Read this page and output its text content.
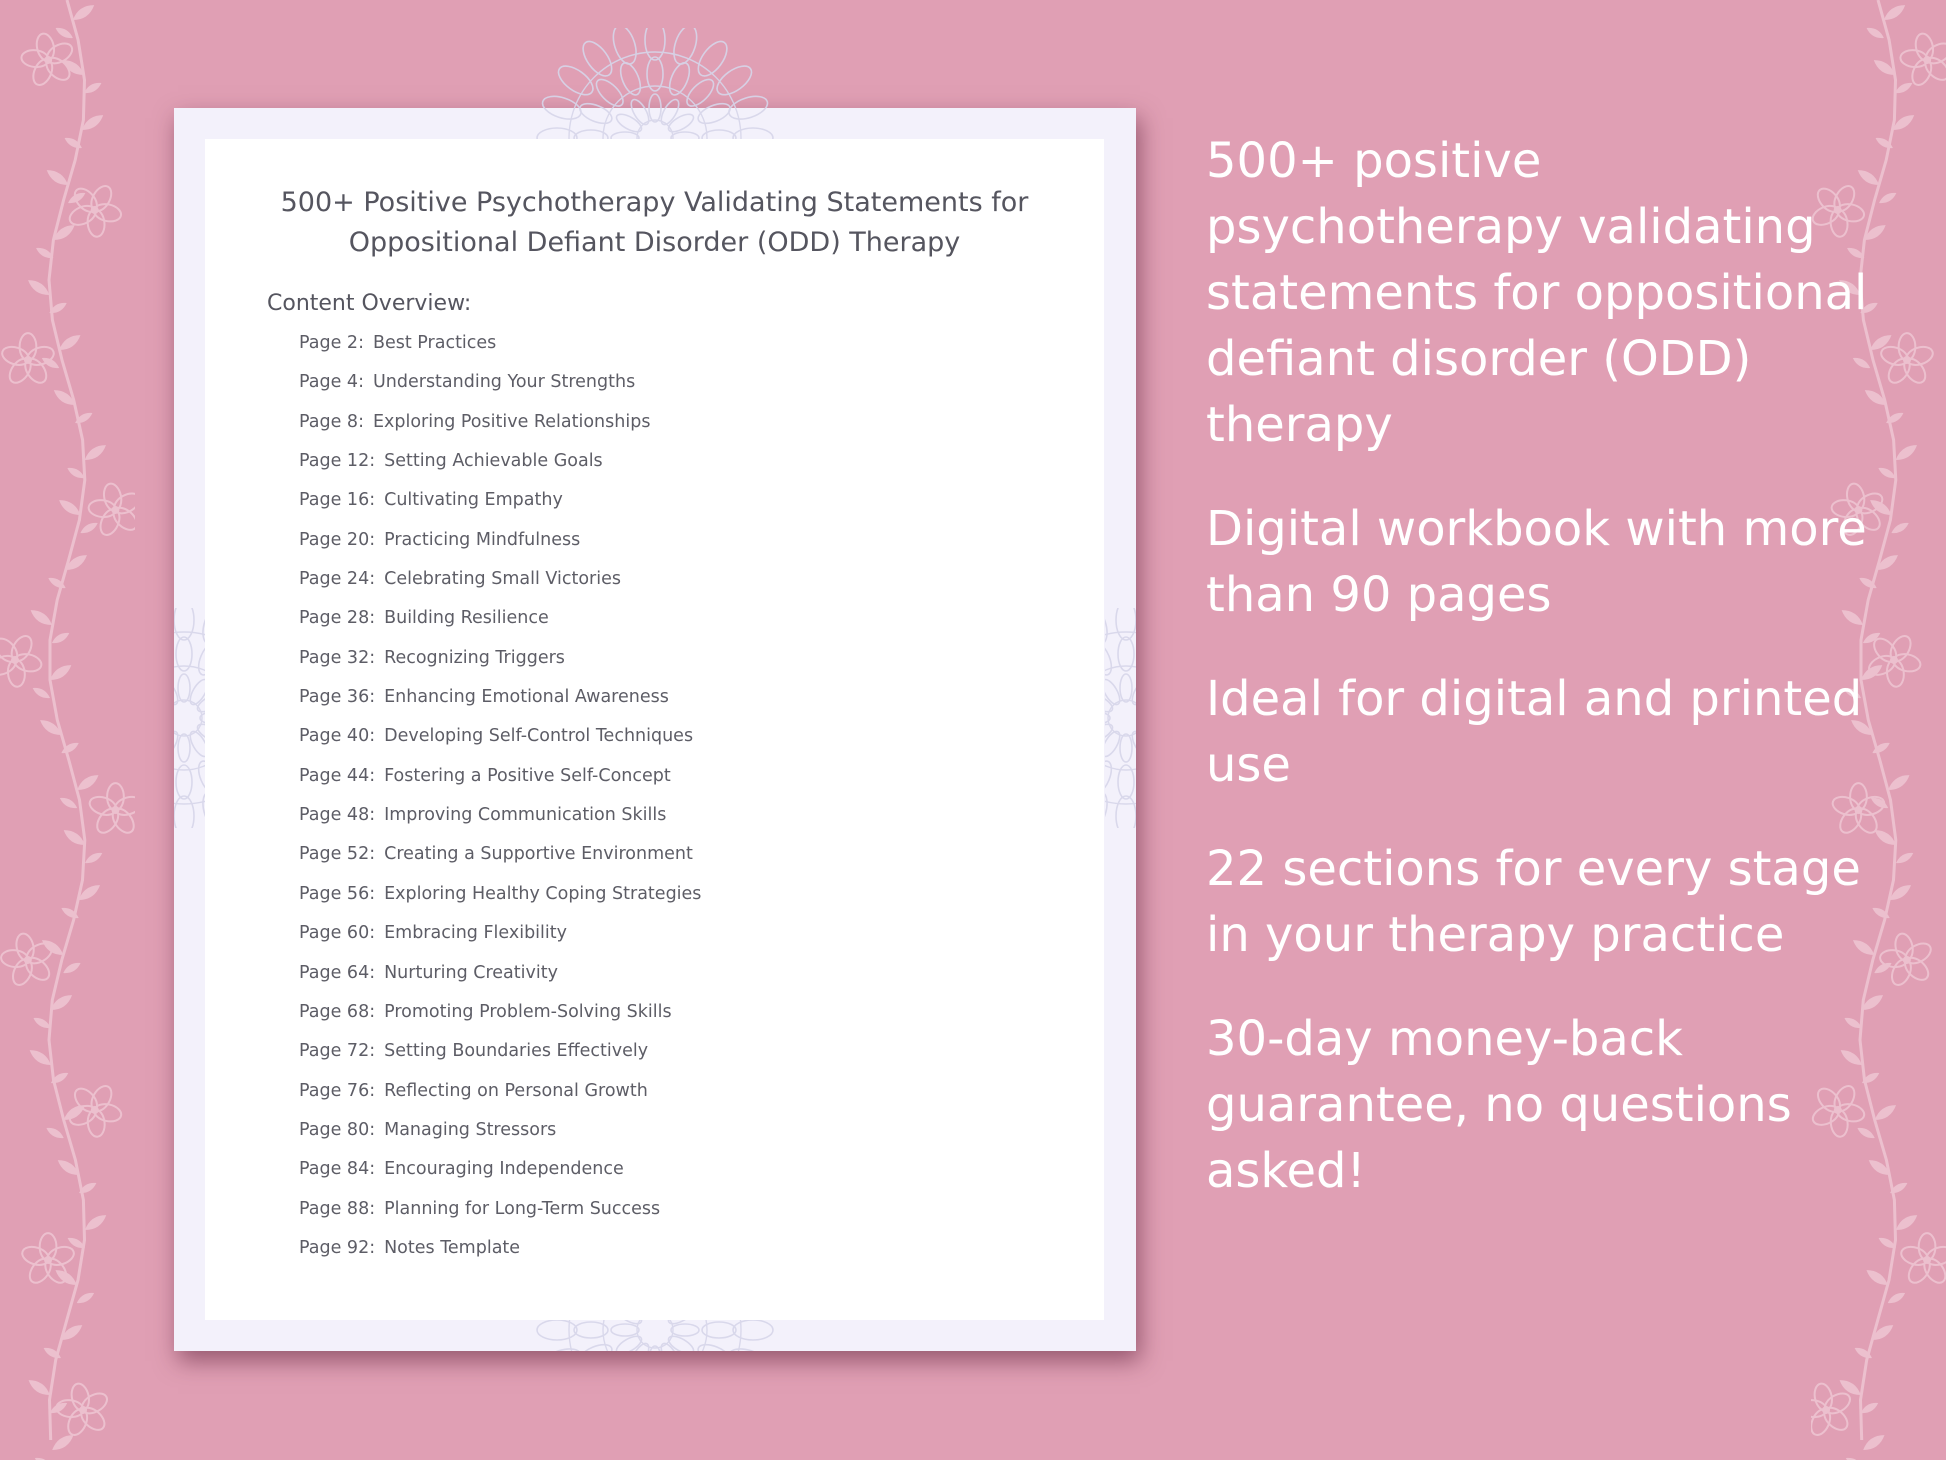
500+ Positive Psychotherapy Validating Statements for Oppositional Defiant Disorder (ODD) Therapy
Content Overview:
Page 2: Best Practices
Page 4: Understanding Your Strengths
Page 8: Exploring Positive Relationships
Page 12: Setting Achievable Goals
Page 16: Cultivating Empathy
Page 20: Practicing Mindfulness
Page 24: Celebrating Small Victories
Page 28: Building Resilience
Page 32: Recognizing Triggers
Page 36: Enhancing Emotional Awareness
Page 40: Developing Self-Control Techniques
Page 44: Fostering a Positive Self-Concept
Page 48: Improving Communication Skills
Page 52: Creating a Supportive Environment
Page 56: Exploring Healthy Coping Strategies
Page 60: Embracing Flexibility
Page 64: Nurturing Creativity
Page 68: Promoting Problem-Solving Skills
Page 72: Setting Boundaries Effectively
Page 76: Reflecting on Personal Growth
Page 80: Managing Stressors
Page 84: Encouraging Independence
Page 88: Planning for Long-Term Success
Page 92: Notes Template

500+ positive psychotherapy validating statements for oppositional defiant disorder (ODD) therapy

Digital workbook with more than 90 pages

Ideal for digital and printed use

22 sections for every stage in your therapy practice

30-day money-back guarantee, no questions asked!
